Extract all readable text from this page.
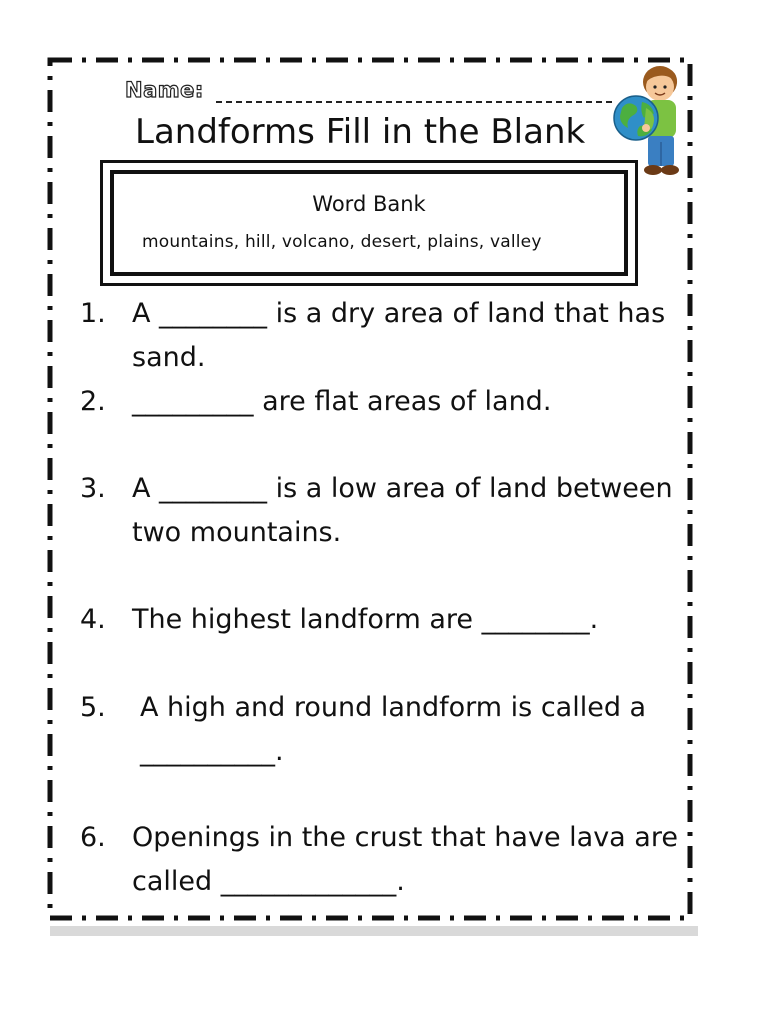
Name:
Landforms Fill in the Blank
Word Bank
mountains, hill, volcano, desert, plains, valley
1. A ________ is a dry area of land that has sand.
2. _________ are flat areas of land.
3. A ________ is a low area of land between two mountains.
4. The highest landform are ________.
5.	A high and round landform is called a __________.
6. Openings in the crust that have lava are called _____________.
